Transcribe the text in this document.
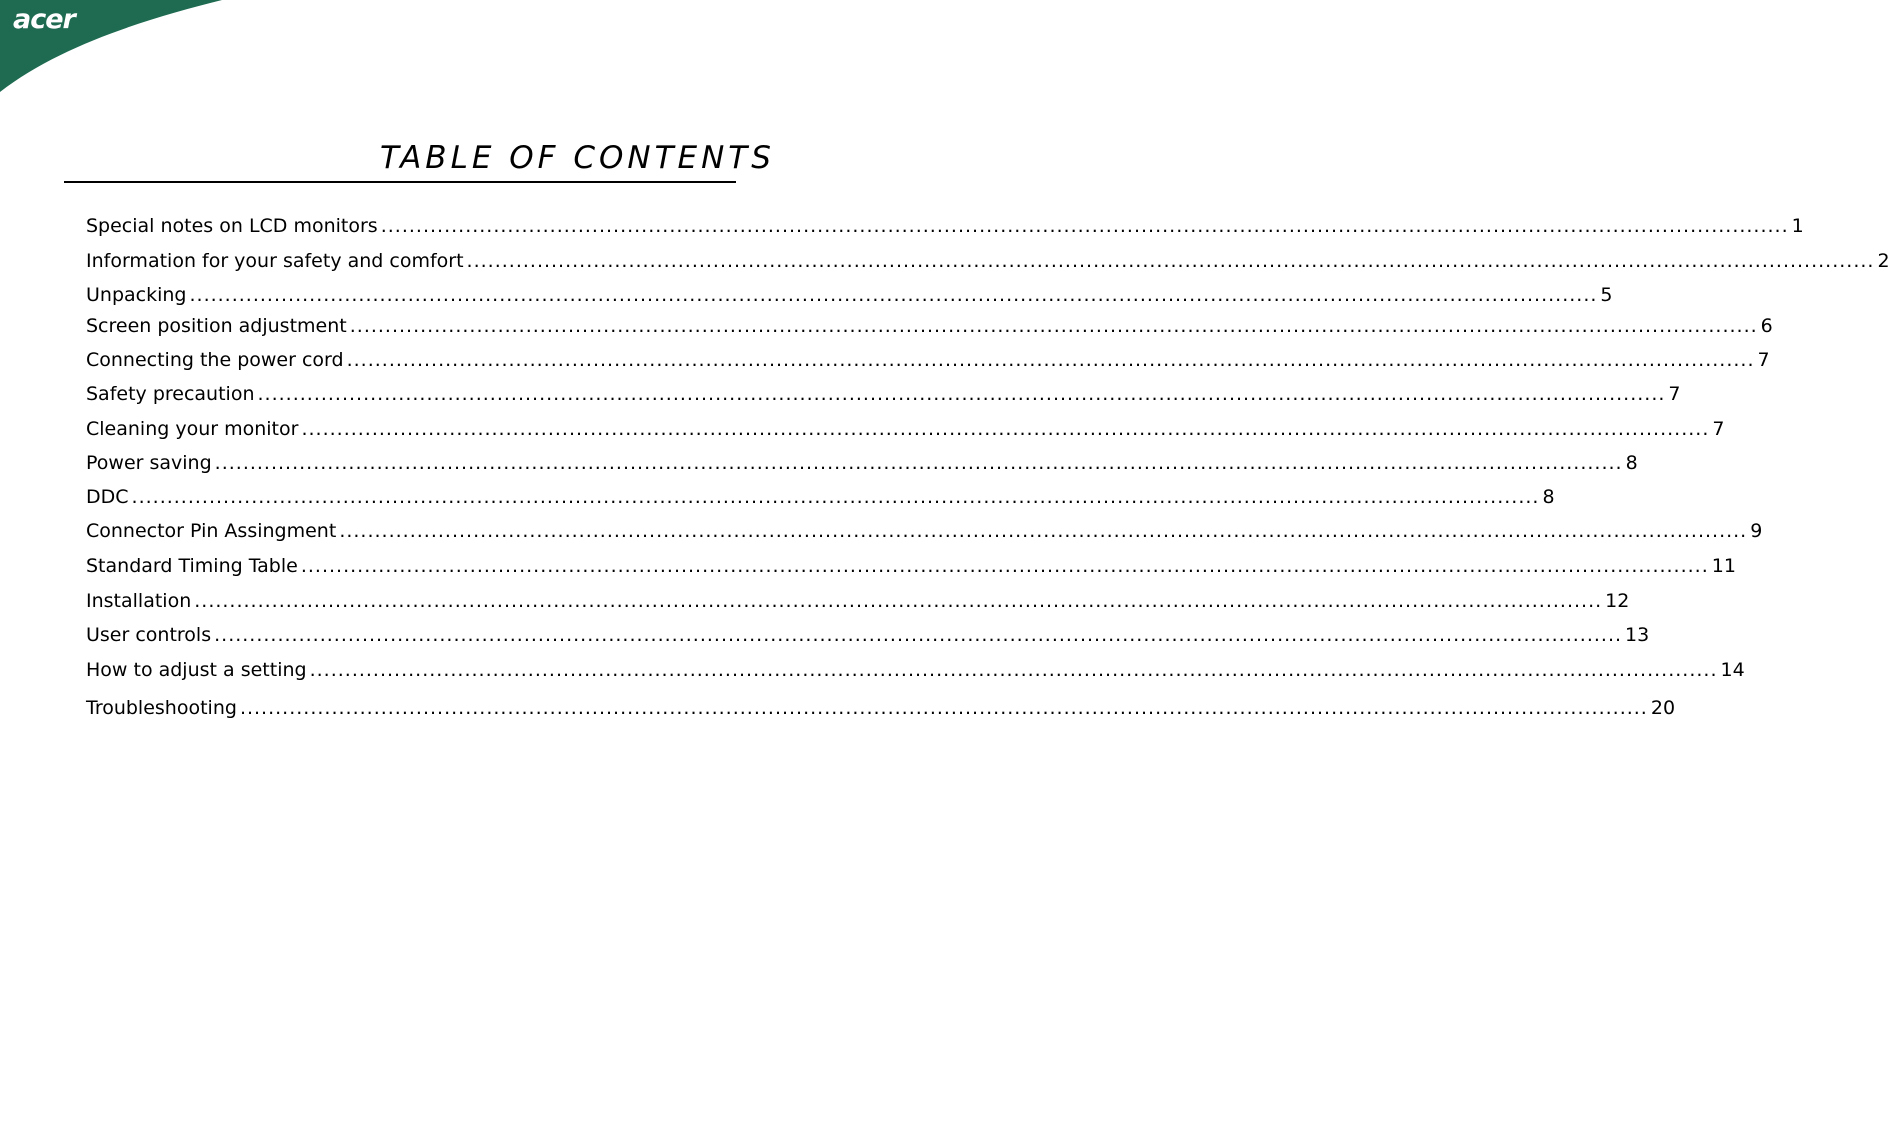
acer
TABLE OF CONTENTS
Special notes on LCD monitors ........................................................................................................................................................................................................ 1
Information for your safety and comfort ........................................................................................................................................................................................................ 2
Unpacking ........................................................................................................................................................................................................ 5
Screen position adjustment ........................................................................................................................................................................................................ 6
Connecting the power cord ........................................................................................................................................................................................................ 7
Safety precaution ........................................................................................................................................................................................................ 7
Cleaning your monitor ........................................................................................................................................................................................................ 7
Power saving ........................................................................................................................................................................................................ 8
DDC ........................................................................................................................................................................................................ 8
Connector Pin Assingment ........................................................................................................................................................................................................ 9
Standard Timing Table ........................................................................................................................................................................................................ 11
Installation ........................................................................................................................................................................................................ 12
User controls ........................................................................................................................................................................................................ 13
How to adjust a setting ........................................................................................................................................................................................................ 14
Troubleshooting ........................................................................................................................................................................................................ 20
